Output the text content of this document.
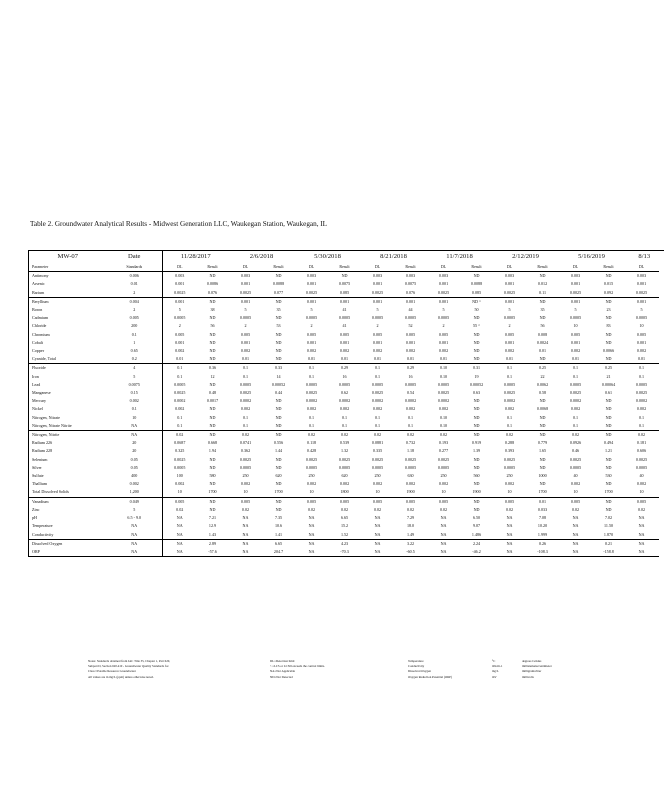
Table 2. Groundwater Analytical Results - Midwest Generation LLC, Waukegan Station, Waukegan, IL
MW-07	Date	11/28/2017		2/6/2018		5/30/2018		8/21/2018		11/7/2018		2/12/2019		5/16/2019		8/13
Parameter	Standards	DL	Result	DL	Result	DL	Result	DL	Result	DL	Result	DL	Result	DL	Result	DL
Antimony	0.006	0.003	ND	0.003	ND	0.003	ND	0.003	0.003	0.003	ND	0.003	ND	0.003	ND	0.003
Arsenic	0.01	0.001	0.0086	0.001	0.0088	0.001	0.0075	0.001	0.0075	0.001	0.0088	0.001	0.012	0.001	0.015	0.001
Barium	2	0.0025	0.076	0.0025	0.077	0.0025	0.085	0.0025	0.076	0.0025	0.085	0.0025	0.11	0.0025	0.092	0.0025
Beryllium	0.004	0.001	ND	0.001	ND	0.001	0.001	0.001	0.001	0.001	ND ^	0.001	ND	0.001	ND	0.001
Boron	2	5	38	5	35	5	41	5	44	5	50	5	35	5	23	5
Cadmium	0.005	0.0005	ND	0.0005	ND	0.0005	0.0005	0.0005	0.0005	0.0005	ND	0.0005	ND	0.0005	ND	0.0005
Chloride	200	2	56	2	53	2	41	2	52	2	55 ^	2	56	10	83	10
Chromium	0.1	0.005	ND	0.005	ND	0.005	0.005	0.005	0.005	0.005	ND	0.005	0.008	0.005	ND	0.005
Cobalt	1	0.001	ND	0.001	ND	0.001	0.001	0.001	0.001	0.001	ND	0.001	0.0024	0.001	ND	0.001
Copper	0.65	0.002	ND	0.002	ND	0.002	0.002	0.002	0.002	0.002	ND	0.002	0.01	0.002	0.0066	0.002
Cyanide, Total	0.2	0.01	ND	0.01	ND	0.01	0.01	0.01	0.01	0.01	ND	0.01	ND	0.01	ND	0.01
Fluoride	4	0.1	0.36	0.1	0.33	0.1	0.29	0.1	0.29	0.10	0.31	0.1	0.25	0.1	0.25	0.1
Iron	5	0.1	12	0.1	14	0.1	16	0.1	16	0.10	19	0.1	22	0.1	21	0.1
Lead	0.0075	0.0005	ND	0.0005	0.00052	0.0005	0.0005	0.0005	0.0005	0.0005	0.00052	0.0005	0.0062	0.0005	0.00064	0.0005
Manganese	0.15	0.0025	0.48	0.0025	0.44	0.0025	0.62	0.0025	0.54	0.0025	0.63	0.0025	0.58	0.0025	0.61	0.0025
Mercury	0.002	0.0002	0.0017	0.0002	ND	0.0002	0.0002	0.0002	0.0002	0.0002	ND	0.0002	ND	0.0002	ND	0.0002
Nickel	0.1	0.002	ND	0.002	ND	0.002	0.002	0.002	0.002	0.002	ND	0.002	0.0068	0.002	ND	0.002
Nitrogen, Nitrate	10	0.1	ND	0.1	ND	0.1	0.1	0.1	0.1	0.10	ND	0.1	ND	0.1	ND	0.1
Nitrogen, Nitrate Nitrite	NA	0.1	ND	0.1	ND	0.1	0.1	0.1	0.1	0.10	ND	0.1	ND	0.1	ND	0.1
Nitrogen, Nitrite	NA	0.02	ND	0.02	ND	0.02	0.02	0.02	0.02	0.02	ND	0.02	ND	0.02	ND	0.02
Radium 226	20	0.0687	0.668	0.0741	0.556	0.118	0.539	0.0881	0.732	0.193	0.919	0.288	0.779	0.0926	0.494	0.181
Radium 228	20	0.325	1.94	0.362	1.44	0.428	1.32	0.335	1.18	0.277	1.39	0.393	1.65	0.46	1.21	0.606
Selenium	0.05	0.0025	ND	0.0025	ND	0.0025	0.0025	0.0025	0.0025	0.0025	ND	0.0025	ND	0.0025	ND	0.0025
Silver	0.05	0.0005	ND	0.0005	ND	0.0005	0.0005	0.0005	0.0005	0.0005	ND	0.0005	ND	0.0005	ND	0.0005
Sulfate	400	100	580	250	620	250	620	250	630	250	560	250	1000	40	530	40
Thallium	0.002	0.002	ND	0.002	ND	0.002	0.002	0.002	0.002	0.002	ND	0.002	ND	0.002	ND	0.002
Total Dissolved Solids	1,200	10	1700	10	1700	10	1800	10	1900	10	1900	10	1700	10	1700	10
Vanadium	0.049	0.005	ND	0.005	ND	0.005	0.005	0.005	0.005	0.005	ND	0.005	0.01	0.005	ND	0.005
Zinc	5	0.02	ND	0.02	ND	0.02	0.02	0.02	0.02	0.02	ND	0.02	0.033	0.02	ND	0.02
pH	6.5 - 9.0	NA	7.21	NA	7.35	NA	6.65	NA	7.29	NA	6.50	NA	7.08	NA	7.02	NA
Temperature	NA	NA	12.9	NA	10.6	NA	15.2	NA	18.0	NA	9.07	NA	10.20	NA	11.50	NA
Conductivity	NA	NA	1.43	NA	1.41	NA	1.52	NA	1.49	NA	1.486	NA	1.999	NA	1.870	NA
Dissolved Oxygen	NA	NA	2.89	NA	6.65	NA	4.23	NA	3.22	NA	2.24	NA	0.26	NA	0.21	NA
ORP	NA	NA	-57.6	NA	204.7	NA	-70.3	NA	-60.5	NA	-46.2	NA	-108.3	NA	-158.8	NA
Notes: Standards obtained from IAC Title 35, Chapter 1, Part 620,
Subpart D, Section 620.410 - Groundwater Quality Standards for
Class I Potable Resource Groundwater
All values are in mg/L (ppm) unless otherwise noted.
DL=Detection limit
^ =LCS or LCSD exceeds the control limits.
NA=Not Applicable
ND=Not Detected
Temperature
Conductivity
Dissolved Oxygen
Oxygen Reduction Potential (ORP)
degrees Celsius
millisiemens/centimeter
milligrams/liter
millivolts
°C
mScm-1
mg/L
mV
